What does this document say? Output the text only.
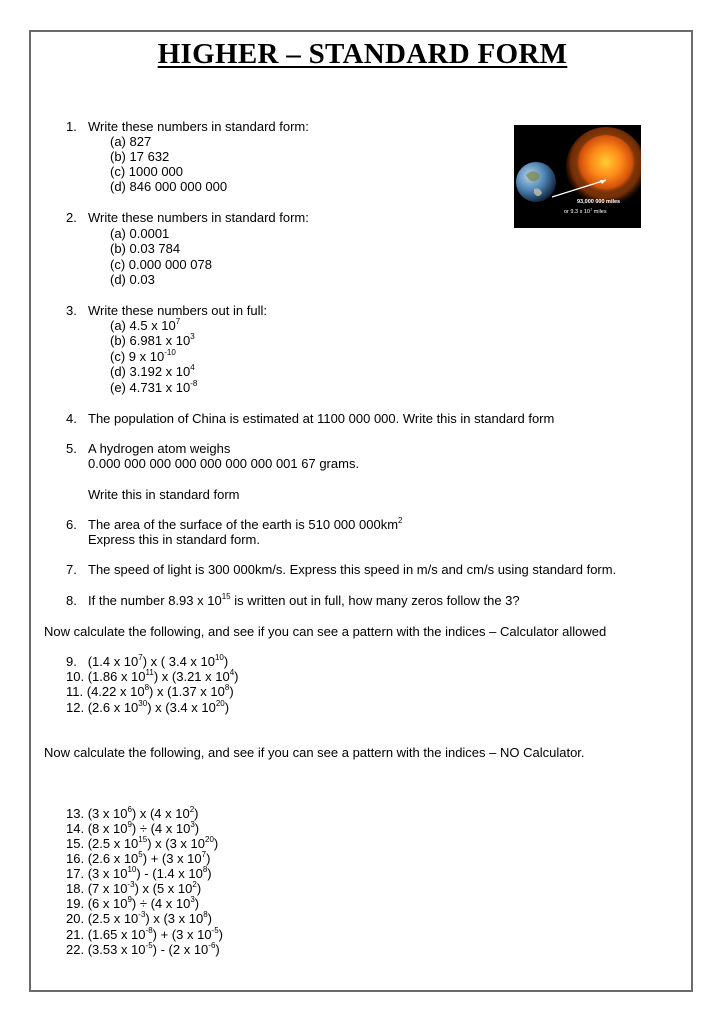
HIGHER – STANDARD FORM
93,000 000 miles
or 9.3 x $10^7$ miles
1. Write these numbers in standard form:
(a) 827
(b) 17 632
(c) 1000 000
(d) 846 000 000 000
2. Write these numbers in standard form:
(a) 0.0001
(b) 0.03 784
(c) 0.000 000 078
(d) 0.03
3. Write these numbers out in full:
(a) 4.5 x $10^7$
(b) 6.981 x $10^3$
(c) 9 x $10^{-10}$
(d) 3.192 x $10^4$
(e) 4.731 x $10^{-8}$
4. The population of China is estimated at 1100 000 000. Write this in standard form
5. A hydrogen atom weighs
0.000 000 000 000 000 000 000 001 67 grams.
Write this in standard form
6. The area of the surface of the earth is 510 000 $000km^2$
Express this in standard form.
7. The speed of light is 300 000km/s. Express this speed in m/s and cm/s using standard form.
8. If the number 8.93 x $10^{15}$ is written out in full, how many zeros follow the 3?
Now calculate the following, and see if you can see a pattern with the indices – Calculator allowed
9. (1.4 x $10^7$) x ( 3.4 x $10^{10}$)
10. (1.86 x $10^{11}$) x (3.21 x $10^4$)
11. (4.22 x $10^8$) x (1.37 x $10^8$)
12. (2.6 x $10^{30}$) x (3.4 x $10^{20}$)
Now calculate the following, and see if you can see a pattern with the indices – NO Calculator.
13. (3 x $10^6$) x (4 x $10^2$)
14. (8 x $10^9) \div (4$ x $10^3$)
15. (2.5 x $10^{15}$) x (3 x $10^{20}$)
16. (2.6 x $10^5) + (3$ x $10^7$)
17. (3 x $10^{10}) - (1.4$ x $10^8$)
18. (7 x $10^{-3}$) x (5 x $10^2$)
19. (6 x $10^9) \div (4$ x $10^3$)
20. (2.5 x $10^{-3}$) x (3 x $10^8$)
21. (1.65 x $10^{-8}) + (3$ x $10^{-5}$)
22. (3.53 x $10^{-5}) - (2$ x $10^{-6}$)
